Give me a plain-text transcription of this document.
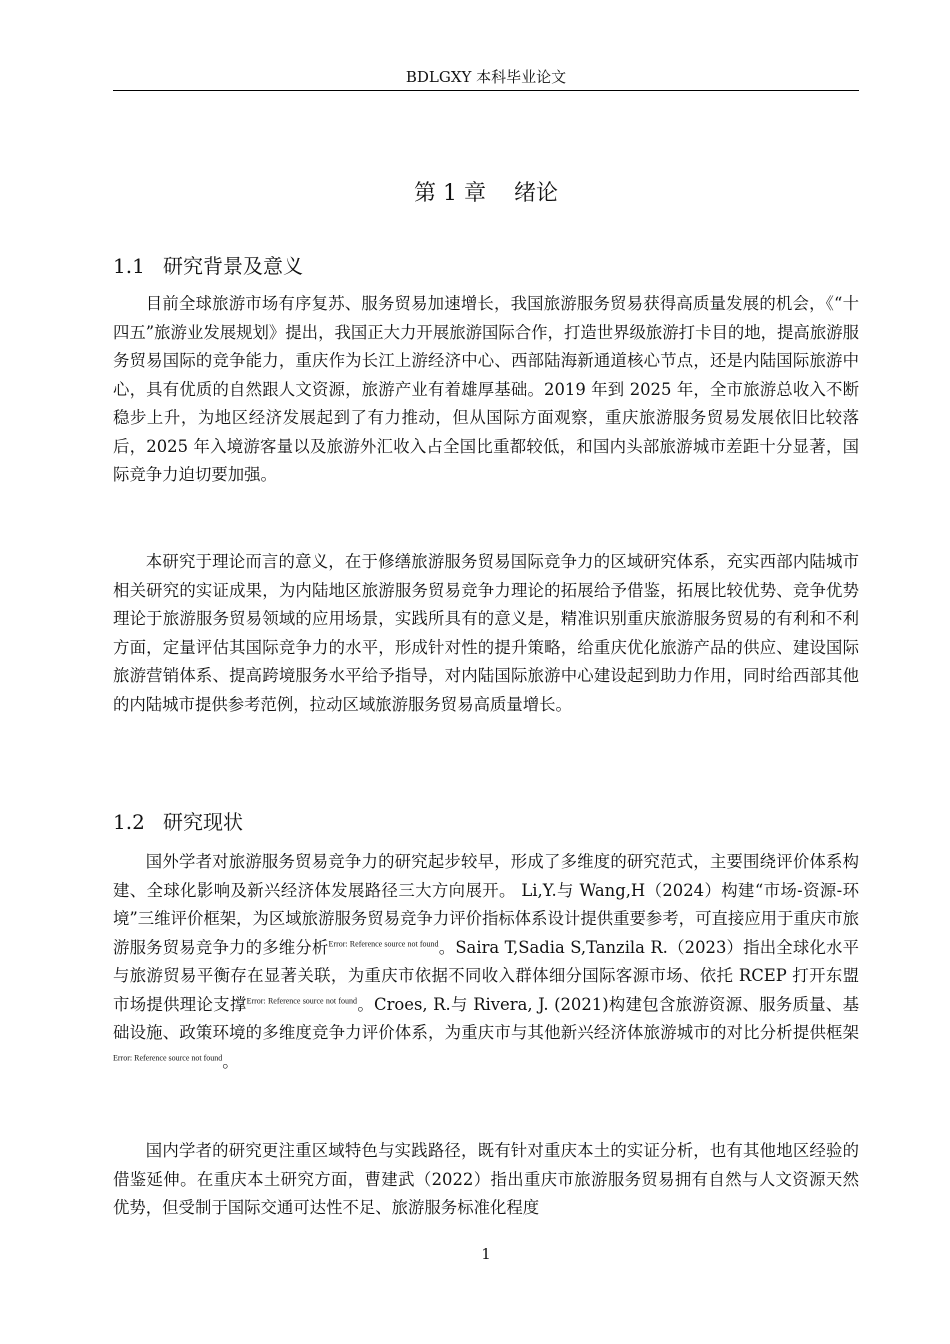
BDLGXY 本科毕业论文
第 1 章 绪论
1.1 研究背景及意义

目前全球旅游市场有序复苏、服务贸易加速增长，我国旅游服务贸易获得高质量发展的机会，《“十四五”旅游业发展规划》提出，我国正大力开展旅游国际合作，打造世界级旅游打卡目的地，提高旅游服务贸易国际的竞争能力，重庆作为长江上游经济中心、西部陆海新通道核心节点，还是内陆国际旅游中心，具有优质的自然跟人文资源，旅游产业有着雄厚基础。2019 年到 2025 年，全市旅游总收入不断稳步上升，为地区经济发展起到了有力推动，但从国际方面观察，重庆旅游服务贸易发展依旧比较落后，2025 年入境游客量以及旅游外汇收入占全国比重都较低，和国内头部旅游城市差距十分显著，国际竞争力迫切要加强。

本研究于理论而言的意义，在于修缮旅游服务贸易国际竞争力的区域研究体系，充实西部内陆城市相关研究的实证成果，为内陆地区旅游服务贸易竞争力理论的拓展给予借鉴，拓展比较优势、竞争优势理论于旅游服务贸易领域的应用场景，实践所具有的意义是，精准识别重庆旅游服务贸易的有利和不利方面，定量评估其国际竞争力的水平，形成针对性的提升策略，给重庆优化旅游产品的供应、建设国际旅游营销体系、提高跨境服务水平给予指导，对内陆国际旅游中心建设起到助力作用，同时给西部其他的内陆城市提供参考范例，拉动区域旅游服务贸易高质量增长。

1.2 研究现状

国外学者对旅游服务贸易竞争力的研究起步较早，形成了多维度的研究范式，主要围绕评价体系构建、全球化影响及新兴经济体发展路径三大方向展开。 Li,Y.与 Wang,H（2024）构建“市场-资源-环境”三维评价框架，为区域旅游服务贸易竞争力评价指标体系设计提供重要参考，可直接应用于重庆市旅游服务贸易竞争力的多维分析$^{Error: Reference source not found}$。Saira T,Sadia S,Tanzila R.（2023）指出全球化水平与旅游贸易平衡存在显著关联，为重庆市依据不同收入群体细分国际客源市场、依托 RCEP 打开东盟市场提供理论支撑$^{Error: Reference source not found}$。Croes, R.与 Rivera, J. (2021)构建包含旅游资源、服务质量、基础设施、政策环境的多维度竞争力评价体系，为重庆市与其他新兴经济体旅游城市的对比分析提供框架$^{Error: Reference source not found}$。

国内学者的研究更注重区域特色与实践路径，既有针对重庆本土的实证分析，也有其他地区经验的借鉴延伸。在重庆本土研究方面，曹建武（2022）指出重庆市旅游服务贸易拥有自然与人文资源天然优势，但受制于国际交通可达性不足、旅游服务标准化程度

1
